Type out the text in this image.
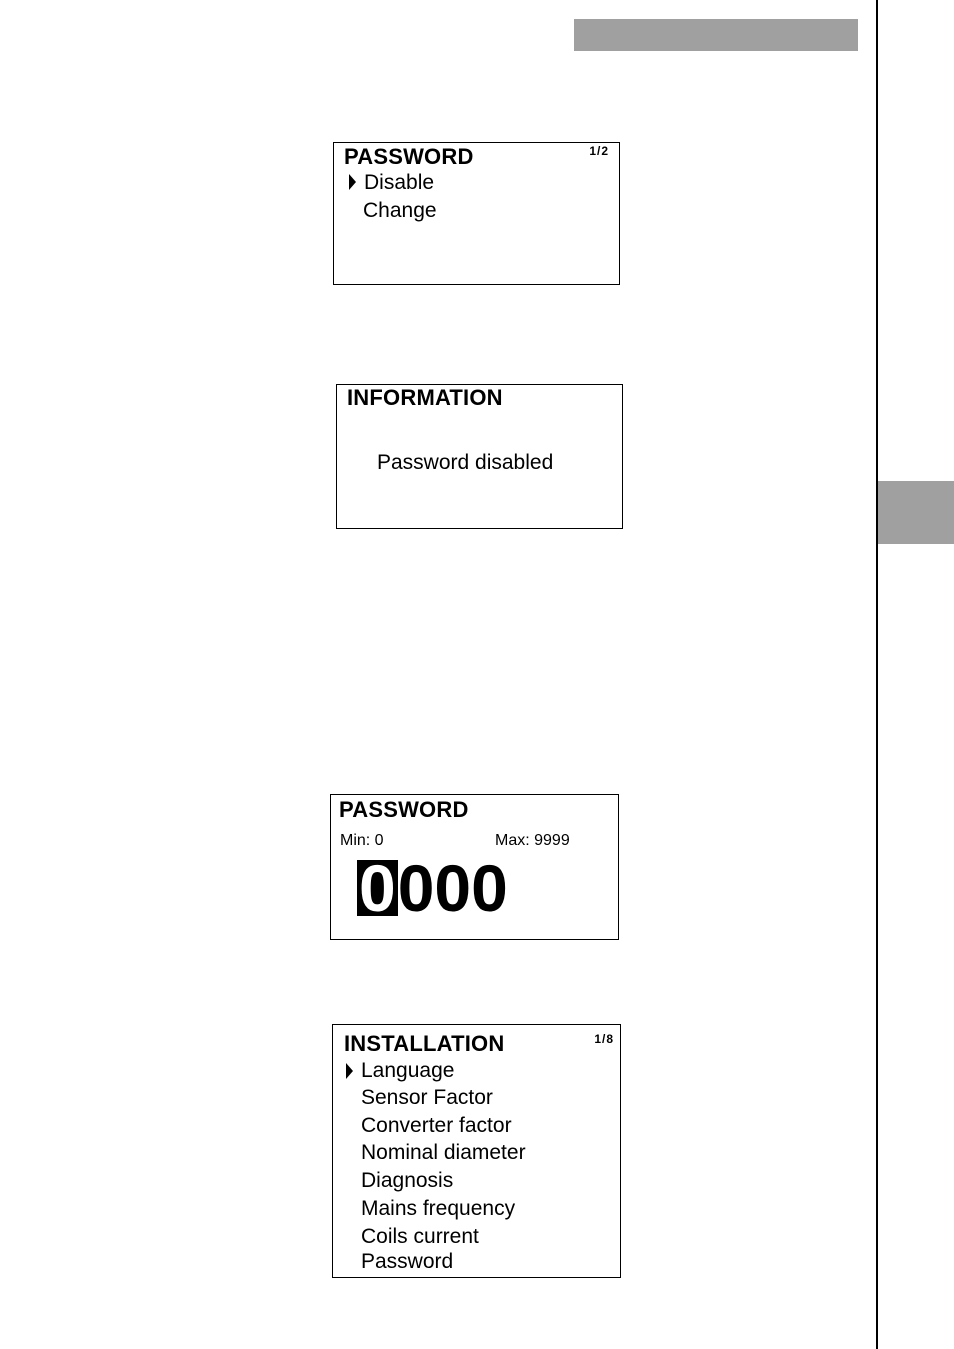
PASSWORD	1/2
Disable
Change
INFORMATION
Password disabled
PASSWORD
Min: 0	Max: 9999
0000
INSTALLATION	1/8
Language
Sensor Factor
Converter factor
Nominal diameter
Diagnosis
Mains frequency
Coils current
Password
